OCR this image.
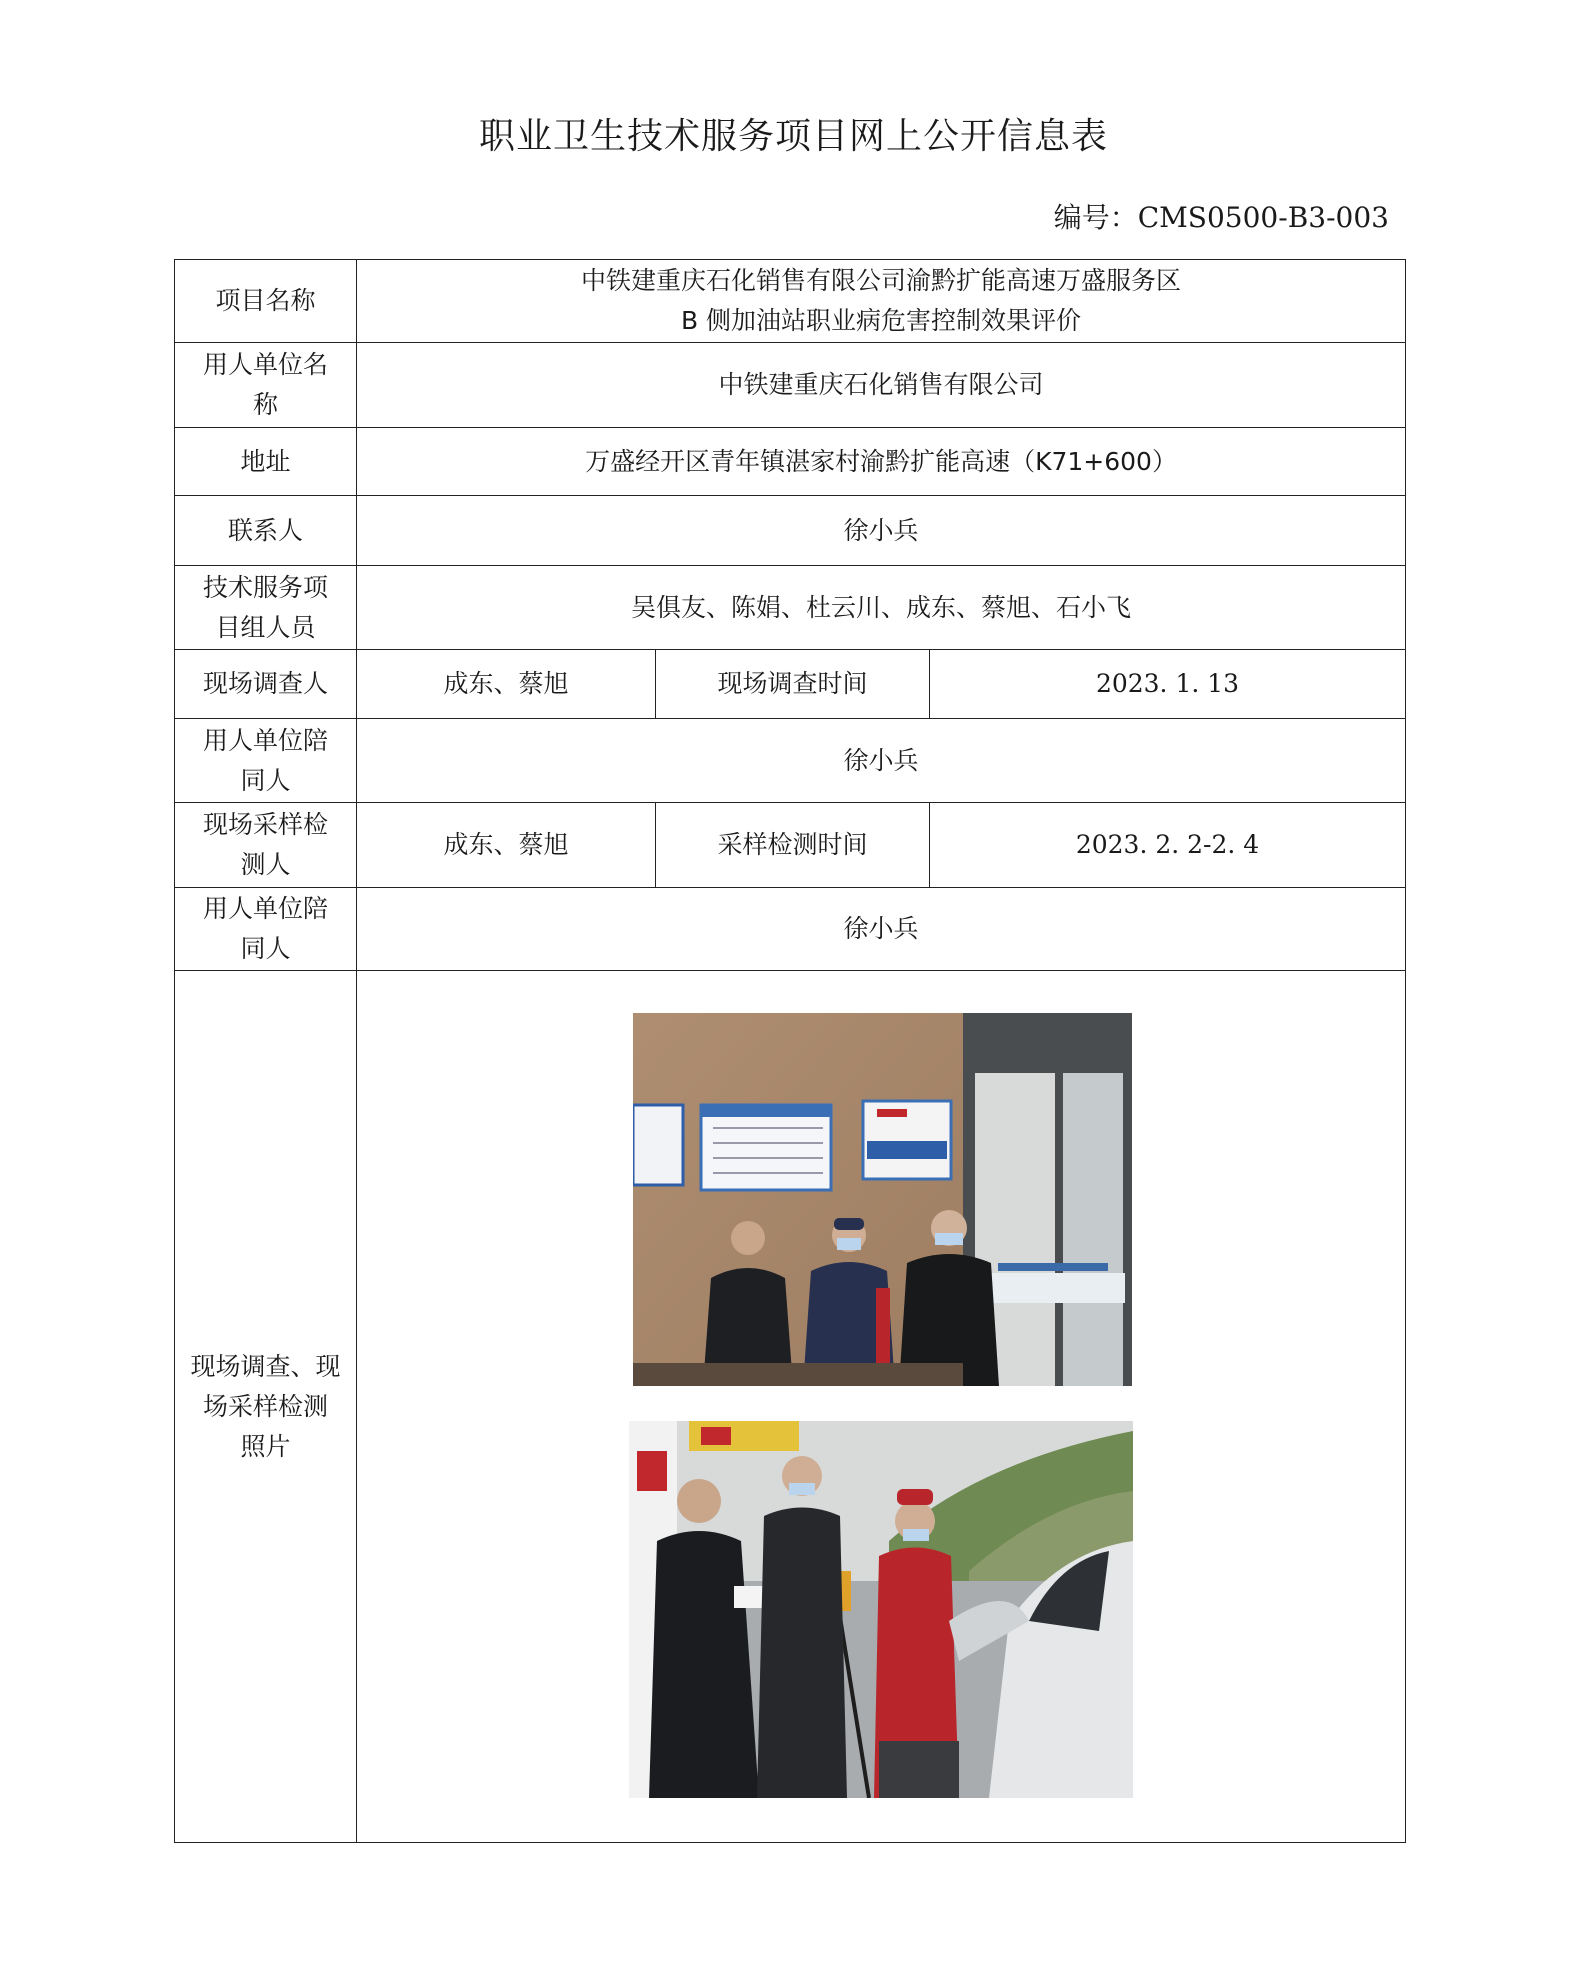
职业卫生技术服务项目网上公开信息表
编号：CMS0500-B3-003
项目名称	中铁建重庆石化销售有限公司渝黔扩能高速万盛服务区
B 侧加油站职业病危害控制效果评价		

用人单位名
称	中铁建重庆石化销售有限公司		
地址	万盛经开区青年镇湛家村渝黔扩能高速（K71+600）		
联系人	徐小兵		

技术服务项
目组人员	吴俱友、陈娟、杜云川、成东、蔡旭、石小飞		
现场调查人	成东、蔡旭	现场调查时间	2023. 1. 13

用人单位陪
同人	徐小兵		

现场采样检
测人	成东、蔡旭	采样检测时间	2023. 2. 2-2. 4

用人单位陪
同人	徐小兵		

现场调查、现
场采样检测
照片
